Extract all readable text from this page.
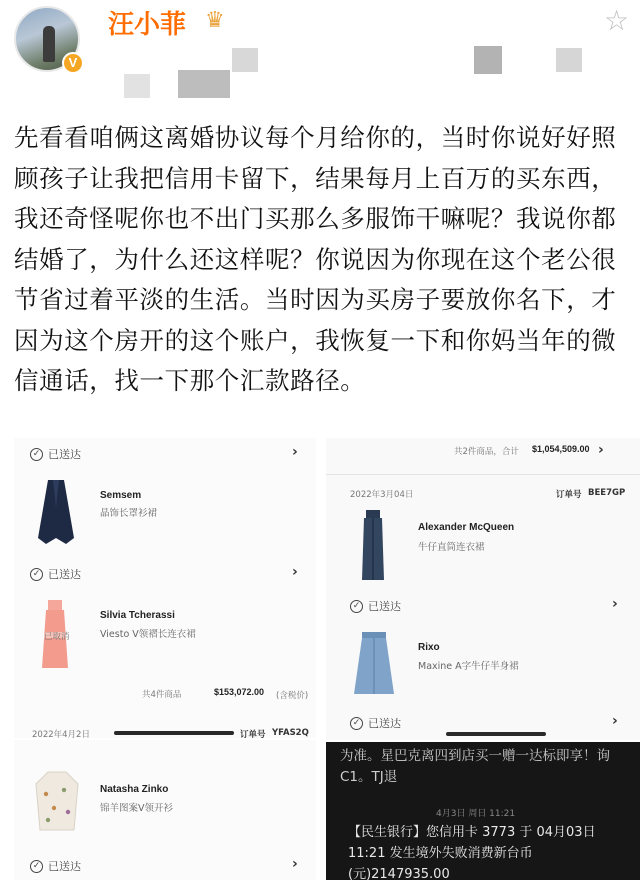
V
汪小菲 ♛	☆
先看看咱俩这离婚协议每个月给你的，当时你说好好照顾孩子让我把信用卡留下，结果每月上百万的买东西，我还奇怪呢你也不出门买那么多服饰干嘛呢？我说你都结婚了，为什么还这样呢？你说因为你现在这个老公很节省过着平淡的生活。当时因为买房子要放你名下，才因为这个房开的这个账户，我恢复一下和你妈当年的微信通话，找一下那个汇款路径。
✓ 已送达	›
Semsem
晶饰长罩衫裙
✓ 已送达	›
已取消
Silvia Tcherassi
Viesto V领褶长连衣裙
共4件商品	$153,072.00 (含税价)
2022年4月2日	订单号 YFAS2Q
共2件商品，合计 $1,054,509.00 ›
2022年3月04日	订单号 BEE7GP
Alexander McQueen
牛仔直筒连衣裙
✓ 已送达	›
Rixo
Maxine A字牛仔半身裙
✓ 已送达	›
Natasha Zinko
锦羊图案V领开衫
✓ 已送达	›
为准。星巴克离四到店买一赠一达标即享！询 C1。TJ退
4月3日 周日 11:21
【民生银行】您信用卡 3773 于 04月03日11:21 发生境外失败消费新台币(元)2147935.00
